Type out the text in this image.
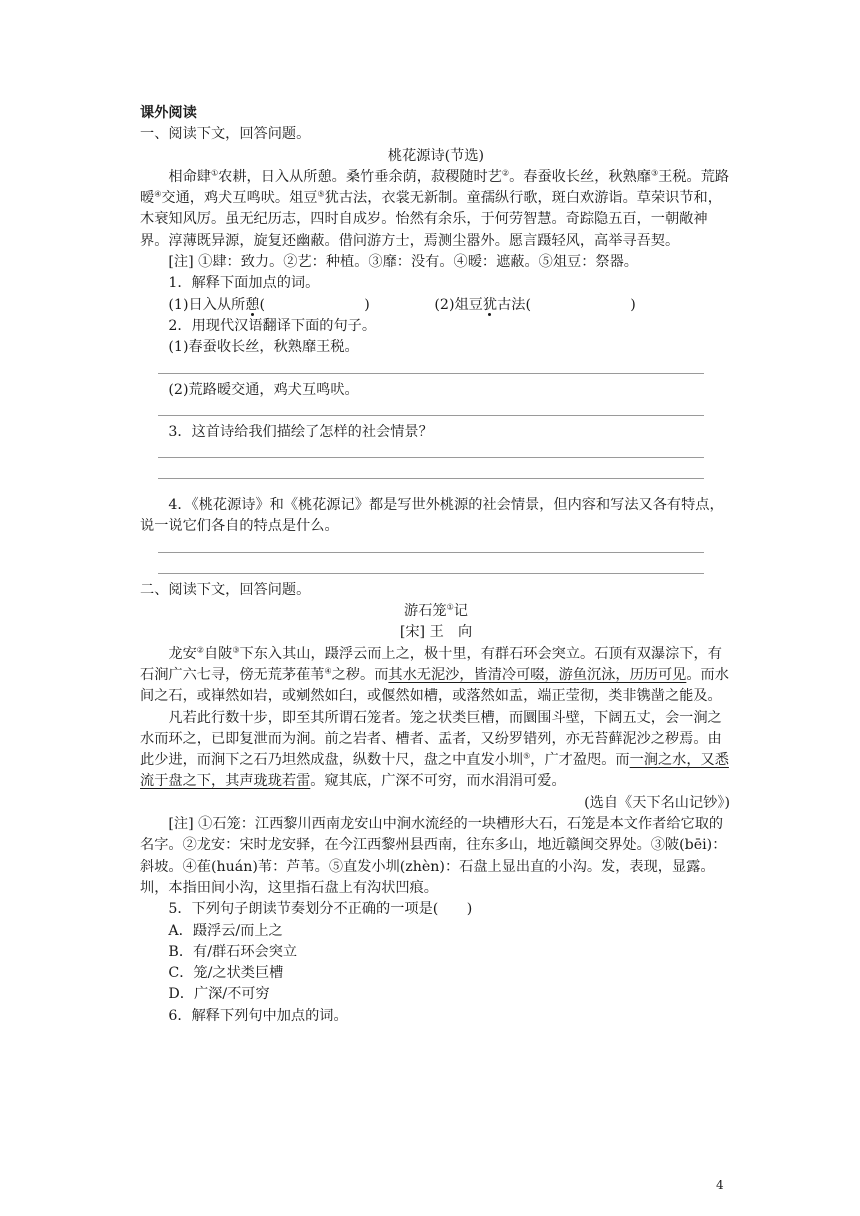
课外阅读

一、阅读下文，回答问题。

桃花源诗(节选)

相命肆①农耕，日入从所憩。桑竹垂余荫，菽稷随时艺②。春蚕收长丝，秋熟靡③王税。荒路暧④交通，鸡犬互鸣吠。俎豆⑤犹古法，衣裳无新制。童孺纵行歌，斑白欢游诣。草荣识节和，木衰知风厉。虽无纪历志，四时自成岁。怡然有余乐，于何劳智慧。奇踪隐五百，一朝敞神界。淳薄既异源，旋复还幽蔽。借问游方士，焉测尘嚣外。愿言蹑轻风，高举寻吾契。

[注] ①肆：致力。②艺：种植。③靡：没有。④暧：遮蔽。⑤俎豆：祭器。

1．解释下面加点的词。

(1)日入从所憩(　　　　　　　)	(2)俎豆犹古法(　　　　　　　)

2．用现代汉语翻译下面的句子。

(1)春蚕收长丝，秋熟靡王税。

(2)荒路暧交通，鸡犬互鸣吠。

3．这首诗给我们描绘了怎样的社会情景？

4．《桃花源诗》和《桃花源记》都是写世外桃源的社会情景，但内容和写法又各有特点，说一说它们各自的特点是什么。

二、阅读下文，回答问题。

游石笼①记

[宋] 王　向

龙安②自陂③下东入其山，蹑浮云而上之，极十里，有群石环会突立。石顶有双瀑淙下，有石涧广六七寻，傍无荒茅萑苇④之秽。而其水无泥沙，皆清冷可啜，游鱼沉泳，历历可见。而水间之石，或嵂然如岩，或剜然如臼，或偃然如槽，或落然如盂，端正莹彻，类非镌凿之能及。

凡若此行数十步，即至其所谓石笼者。笼之状类巨槽，而圜围斗壁，下阔五丈，会一涧之水而环之，已即复泄而为涧。前之岩者、槽者、盂者，又纷罗错列，亦无苔藓泥沙之秽焉。由此少进，而涧下之石乃坦然成盘，纵数十尺，盘之中直发小圳⑤，广才盈咫。而一涧之水，又悉流于盘之下，其声珑珑若雷。窥其底，广深不可穷，而水涓涓可爱。

(选自《天下名山记钞》)

[注] ①石笼：江西黎川西南龙安山中涧水流经的一块槽形大石，石笼是本文作者给它取的名字。②龙安：宋时龙安驿，在今江西黎州县西南，往东多山，地近赣闽交界处。③陂(bēi)：斜坡。④萑(huán)苇：芦苇。⑤直发小圳(zhèn)：石盘上显出直的小沟。发，表现，显露。圳，本指田间小沟，这里指石盘上有沟状凹痕。

5．下列句子朗读节奏划分不正确的一项是(　　)

A．蹑浮云/而上之

B．有/群石环会突立

C．笼/之状类巨槽

D．广深/不可穷

6．解释下列句中加点的词。

4
